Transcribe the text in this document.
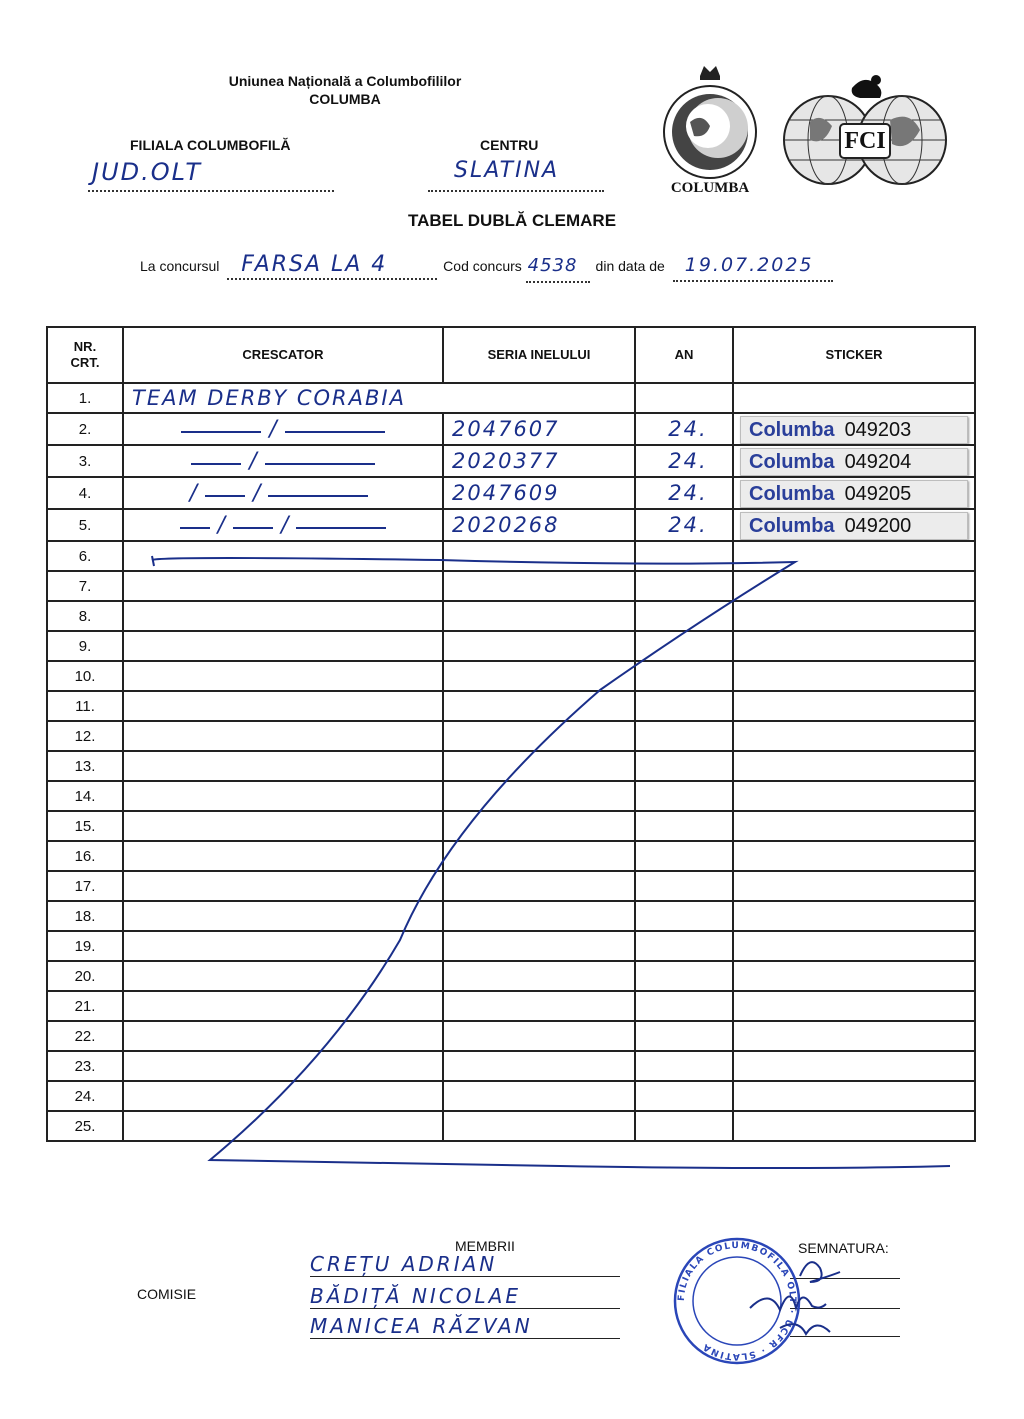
Uniunea Națională a Columbofililor
COLUMBA
FILIALA COLUMBOFILĂ
JUD.OLT
CENTRU
SLATINA
COLUMBA
FCI
TABEL DUBLĂ CLEMARE
La concursul FARSA LA 4	Cod concurs 4538 din data de 19.07.2025
NR. CRT.	CRESCATOR	SERIA INELULUI	AN	STICKER
1.	TEAM DERBY CORABIA			
2.	/	2047607	24.	Columba 049203
3.	/	2020377	24.	Columba 049204
4.	/ /	2047609	24.	Columba 049205
5.	/ /	2020268	24.	Columba 049200
6.				
7.				
8.				
9.				
10.				
11.				
12.				
13.				
14.				
15.				
16.				
17.				
18.				
19.				
20.				
21.				
22.				
23.				
24.				
25.				
MEMBRII	SEMNATURA:
COMISIE
CREȚU ADRIAN
BĂDIȚĂ NICOLAE
MANICEA RĂZVAN
FILIALA COLUMBOFILA OLT · UCFR · SLATINA
